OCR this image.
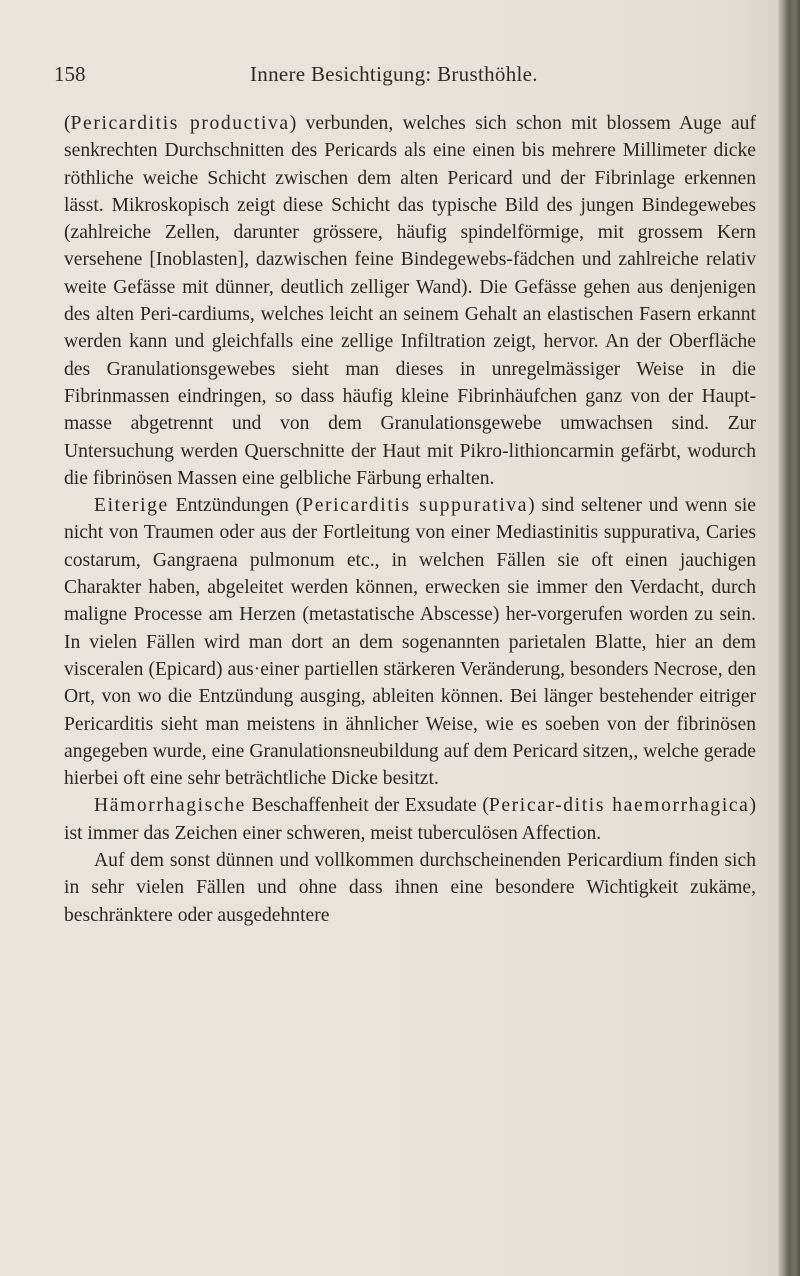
158	Innere Besichtigung: Brusthöhle.

(Pericarditis productiva) verbunden, welches sich schon mit blossem Auge auf senkrechten Durchschnitten des Pericards als eine einen bis mehrere Millimeter dicke röthliche weiche Schicht zwischen dem alten Pericard und der Fibrinlage erkennen lässt. Mikroskopisch zeigt diese Schicht das typische Bild des jungen Bindegewebes (zahlreiche Zellen, darunter grössere, häufig spindelförmige, mit grossem Kern versehene [Inoblasten], dazwischen feine Bindegewebs-fädchen und zahlreiche relativ weite Gefässe mit dünner, deutlich zelliger Wand). Die Gefässe gehen aus denjenigen des alten Peri-cardiums, welches leicht an seinem Gehalt an elastischen Fasern erkannt werden kann und gleichfalls eine zellige Infiltration zeigt, hervor. An der Oberfläche des Granulationsgewebes sieht man dieses in unregelmässiger Weise in die Fibrinmassen eindringen, so dass häufig kleine Fibrinhäufchen ganz von der Haupt-masse abgetrennt und von dem Granulationsgewebe umwachsen sind. Zur Untersuchung werden Querschnitte der Haut mit Pikro-lithioncarmin gefärbt, wodurch die fibrinösen Massen eine gelbliche Färbung erhalten.

Eiterige Entzündungen (Pericarditis suppurativa) sind seltener und wenn sie nicht von Traumen oder aus der Fortleitung von einer Mediastinitis suppurativa, Caries costarum, Gangraena pulmonum etc., in welchen Fällen sie oft einen jauchigen Charakter haben, abgeleitet werden können, erwecken sie immer den Verdacht, durch maligne Processe am Herzen (metastatische Abscesse) her-vorgerufen worden zu sein. In vielen Fällen wird man dort an dem sogenannten parietalen Blatte, hier an dem visceralen (Epicard) aus·einer partiellen stärkeren Veränderung, besonders Necrose, den Ort, von wo die Entzündung ausging, ableiten können. Bei länger bestehender eitriger Pericarditis sieht man meistens in ähnlicher Weise, wie es soeben von der fibrinösen angegeben wurde, eine Granulationsneubildung auf dem Pericard sitzen,, welche gerade hierbei oft eine sehr beträchtliche Dicke besitzt.

Hämorrhagische Beschaffenheit der Exsudate (Pericar-ditis haemorrhagica) ist immer das Zeichen einer schweren, meist tuberculösen Affection.

Auf dem sonst dünnen und vollkommen durchscheinenden Pericardium finden sich in sehr vielen Fällen und ohne dass ihnen eine besondere Wichtigkeit zukäme, beschränktere oder ausgedehntere
